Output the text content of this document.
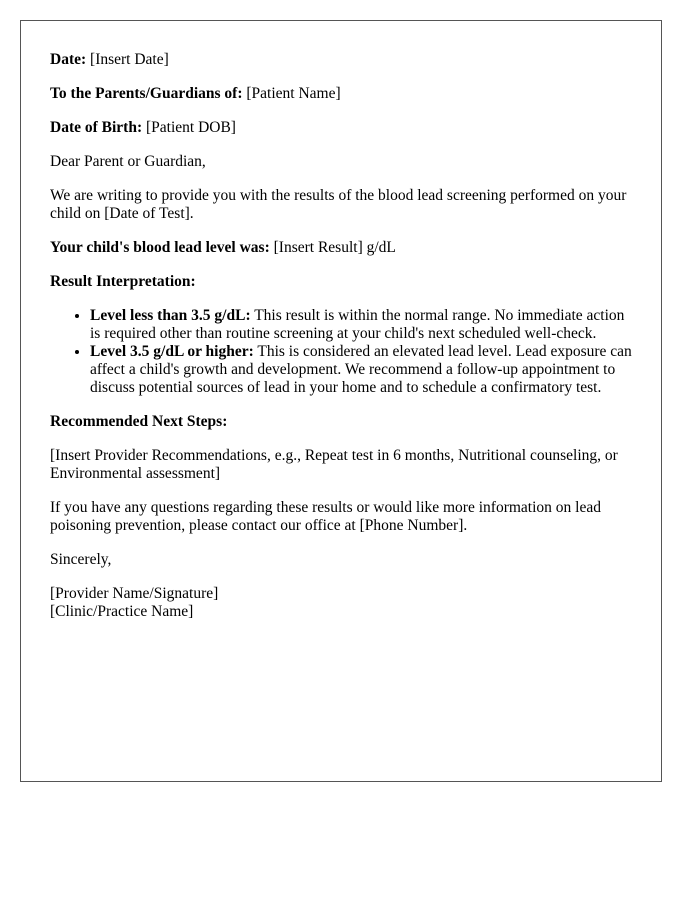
Date: [Insert Date]

To the Parents/Guardians of: [Patient Name]

Date of Birth: [Patient DOB]

Dear Parent or Guardian,

We are writing to provide you with the results of the blood lead screening performed on your child on [Date of Test].

Your child's blood lead level was: [Insert Result] g/dL

Result Interpretation:

• Level less than 3.5 g/dL: This result is within the normal range. No immediate action is required other than routine screening at your child's next scheduled well-check.
• Level 3.5 g/dL or higher: This is considered an elevated lead level. Lead exposure can affect a child's growth and development. We recommend a follow-up appointment to discuss potential sources of lead in your home and to schedule a confirmatory test.

Recommended Next Steps:

[Insert Provider Recommendations, e.g., Repeat test in 6 months, Nutritional counseling, or Environmental assessment]

If you have any questions regarding these results or would like more information on lead poisoning prevention, please contact our office at [Phone Number].

Sincerely,

[Provider Name/Signature]
[Clinic/Practice Name]
